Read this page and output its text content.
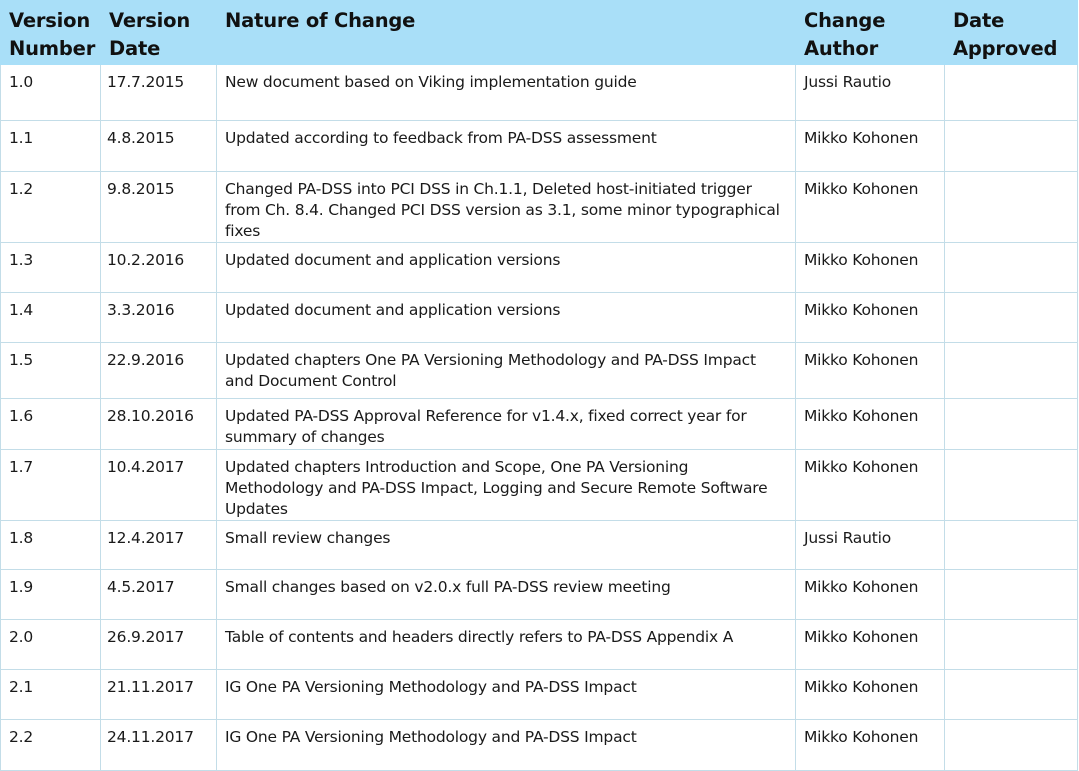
Version Number	Version Date	Nature of Change	Change Author	Date Approved
1.0	17.7.2015	New document based on Viking implementation guide	Jussi Rautio	
1.1	4.8.2015	Updated according to feedback from PA-DSS assessment	Mikko Kohonen	
1.2	9.8.2015	Changed PA-DSS into PCI DSS in Ch.1.1, Deleted host-initiated trigger from Ch. 8.4. Changed PCI DSS version as 3.1, some minor typographical fixes	Mikko Kohonen	
1.3	10.2.2016	Updated document and application versions	Mikko Kohonen	
1.4	3.3.2016	Updated document and application versions	Mikko Kohonen	
1.5	22.9.2016	Updated chapters One PA Versioning Methodology and PA-DSS Impact and Document Control	Mikko Kohonen	
1.6	28.10.2016	Updated PA-DSS Approval Reference for v1.4.x, fixed correct year for summary of changes	Mikko Kohonen	
1.7	10.4.2017	Updated chapters Introduction and Scope, One PA Versioning Methodology and PA-DSS Impact, Logging and Secure Remote Software Updates	Mikko Kohonen	
1.8	12.4.2017	Small review changes	Jussi Rautio	
1.9	4.5.2017	Small changes based on v2.0.x full PA-DSS review meeting	Mikko Kohonen	
2.0	26.9.2017	Table of contents and headers directly refers to PA-DSS Appendix A	Mikko Kohonen	
2.1	21.11.2017	IG One PA Versioning Methodology and PA-DSS Impact	Mikko Kohonen	
2.2	24.11.2017	IG One PA Versioning Methodology and PA-DSS Impact	Mikko Kohonen	
